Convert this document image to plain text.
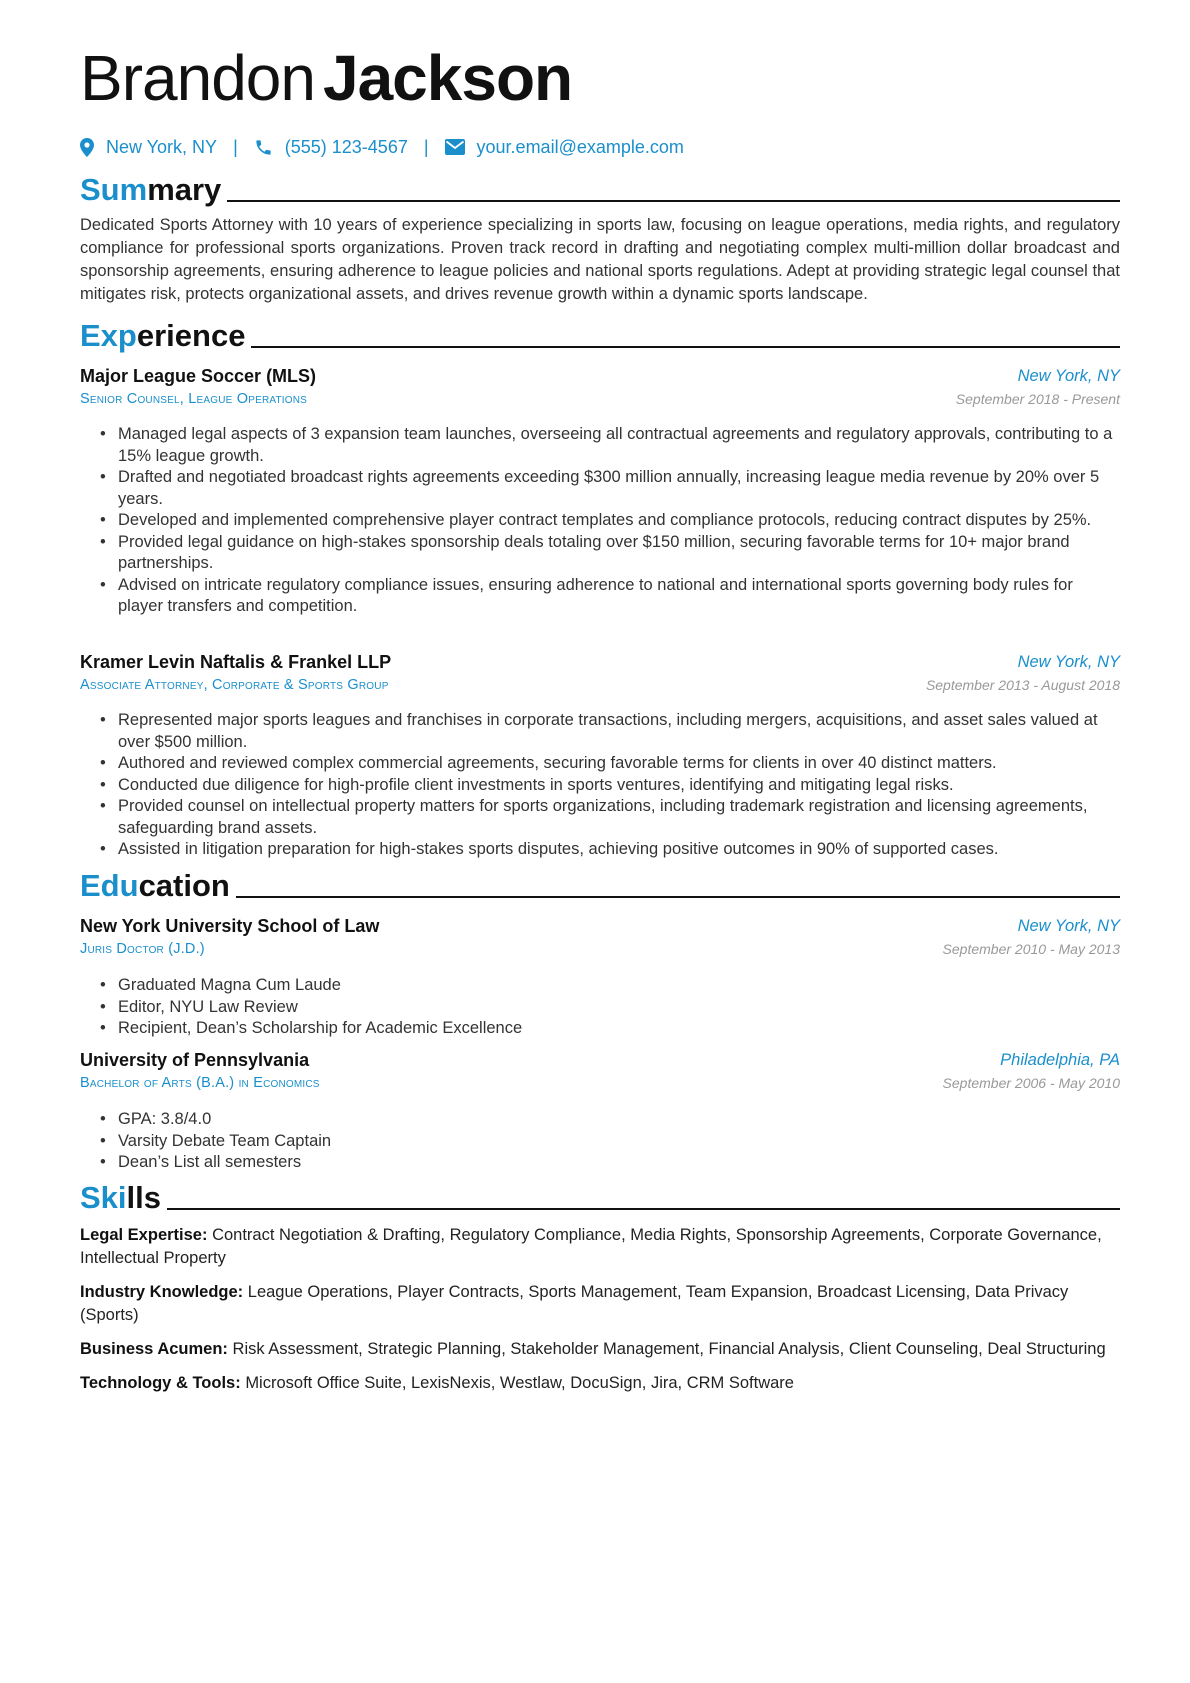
Brandon Jackson
New York, NY |	(555) 123-4567 |	your.email@example.com
Summary

Dedicated Sports Attorney with 10 years of experience specializing in sports law, focusing on league operations, media rights, and regulatory compliance for professional sports organizations. Proven track record in drafting and negotiating complex multi-million dollar broadcast and sponsorship agreements, ensuring adherence to league policies and national sports regulations. Adept at providing strategic legal counsel that mitigates risk, protects organizational assets, and drives revenue growth within a dynamic sports landscape.

Experience
Major League Soccer (MLS)	New York, NY
Senior Counsel, League Operations	September 2018 - Present
• Managed legal aspects of 3 expansion team launches, overseeing all contractual agreements and regulatory approvals, contributing to a 15% league growth.
• Drafted and negotiated broadcast rights agreements exceeding $300 million annually, increasing league media revenue by 20% over 5 years.
• Developed and implemented comprehensive player contract templates and compliance protocols, reducing contract disputes by 25%.
• Provided legal guidance on high-stakes sponsorship deals totaling over $150 million, securing favorable terms for 10+ major brand partnerships.
• Advised on intricate regulatory compliance issues, ensuring adherence to national and international sports governing body rules for player transfers and competition.
Kramer Levin Naftalis & Frankel LLP	New York, NY
Associate Attorney, Corporate & Sports Group	September 2013 - August 2018
• Represented major sports leagues and franchises in corporate transactions, including mergers, acquisitions, and asset sales valued at over $500 million.
• Authored and reviewed complex commercial agreements, securing favorable terms for clients in over 40 distinct matters.
• Conducted due diligence for high-profile client investments in sports ventures, identifying and mitigating legal risks.
• Provided counsel on intellectual property matters for sports organizations, including trademark registration and licensing agreements, safeguarding brand assets.
• Assisted in litigation preparation for high-stakes sports disputes, achieving positive outcomes in 90% of supported cases.
Education
New York University School of Law	New York, NY
Juris Doctor (J.D.)	September 2010 - May 2013
• Graduated Magna Cum Laude
• Editor, NYU Law Review
• Recipient, Dean’s Scholarship for Academic Excellence
University of Pennsylvania	Philadelphia, PA
Bachelor of Arts (B.A.) in Economics	September 2006 - May 2010
• GPA: 3.8/4.0
• Varsity Debate Team Captain
• Dean’s List all semesters
Skills

Legal Expertise: Contract Negotiation & Drafting, Regulatory Compliance, Media Rights, Sponsorship Agreements, Corporate Governance, Intellectual Property

Industry Knowledge: League Operations, Player Contracts, Sports Management, Team Expansion, Broadcast Licensing, Data Privacy (Sports)

Business Acumen: Risk Assessment, Strategic Planning, Stakeholder Management, Financial Analysis, Client Counseling, Deal Structuring

Technology & Tools: Microsoft Office Suite, LexisNexis, Westlaw, DocuSign, Jira, CRM Software
